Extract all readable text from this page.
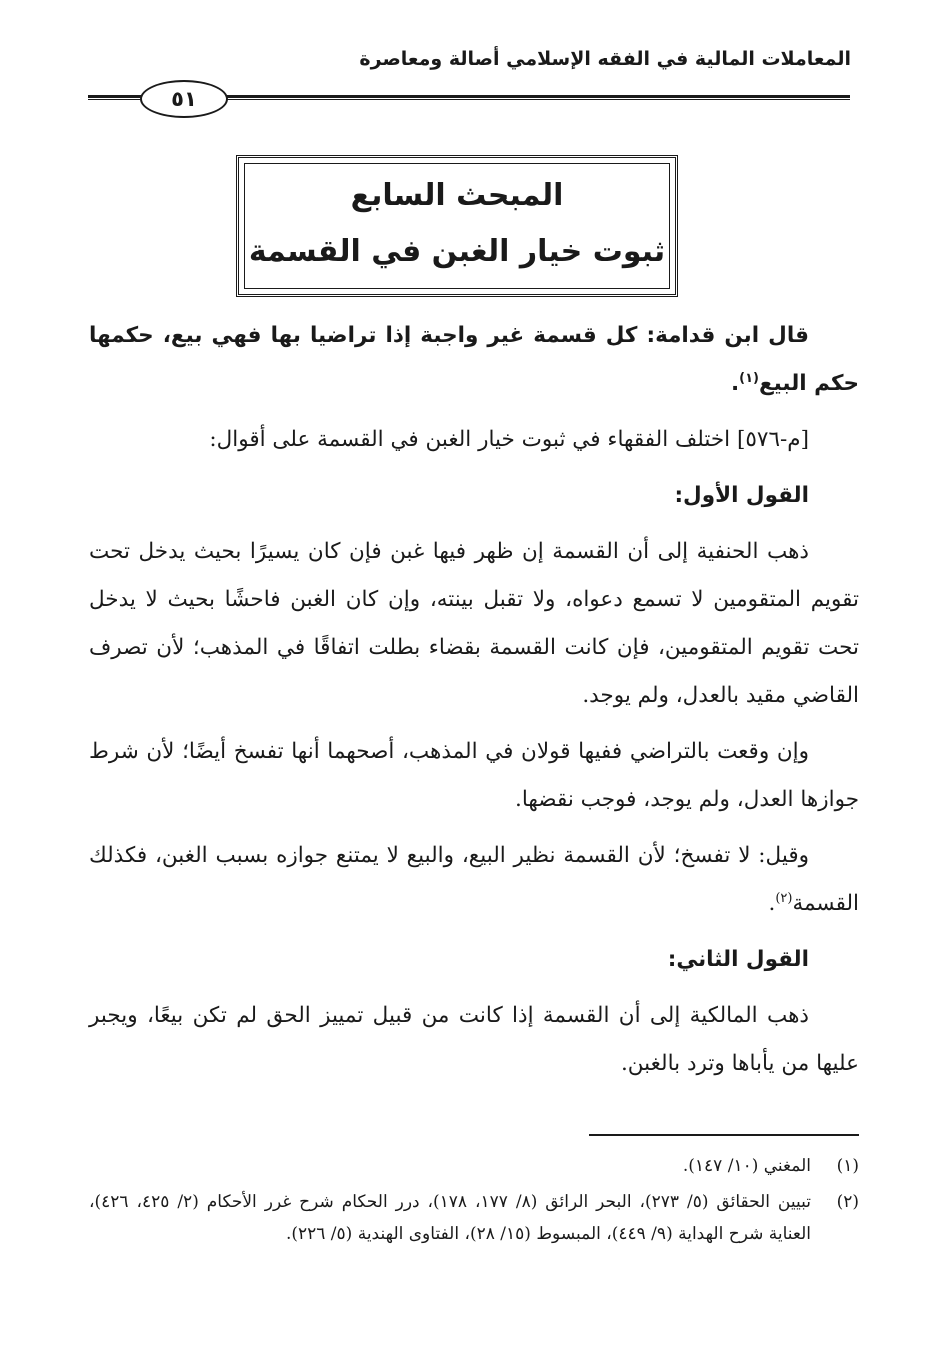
المعاملات المالية في الفقه الإسلامي أصالة ومعاصرة
٥١
المبحث السابع
ثبوت خيار الغبن في القسمة

قال ابن قدامة: كل قسمة غير واجبة إذا تراضيا بها فهي بيع، حكمها حكم البيع$^{(١)}$.

[م-٥٧٦] اختلف الفقهاء في ثبوت خيار الغبن في القسمة على أقوال:

القول الأول:

ذهب الحنفية إلى أن القسمة إن ظهر فيها غبن فإن كان يسيرًا بحيث يدخل تحت تقويم المتقومين لا تسمع دعواه، ولا تقبل بينته، وإن كان الغبن فاحشًا بحيث لا يدخل تحت تقويم المتقومين، فإن كانت القسمة بقضاء بطلت اتفاقًا في المذهب؛ لأن تصرف القاضي مقيد بالعدل، ولم يوجد.

وإن وقعت بالتراضي ففيها قولان في المذهب، أصحهما أنها تفسخ أيضًا؛ لأن شرط جوازها العدل، ولم يوجد، فوجب نقضها.

وقيل: لا تفسخ؛ لأن القسمة نظير البيع، والبيع لا يمتنع جوازه بسبب الغبن، فكذلك القسمة$^{(٢)}$.

القول الثاني:

ذهب المالكية إلى أن القسمة إذا كانت من قبيل تمييز الحق لم تكن بيعًا، ويجبر عليها من يأباها وترد بالغبن.

(١)
المغني (١٠/ ١٤٧).
(٢)
تبيين الحقائق (٥/ ٢٧٣)، البحر الرائق (٨/ ١٧٧، ١٧٨)، درر الحكام شرح غرر الأحكام (٢/ ٤٢٥، ٤٢٦)، العناية شرح الهداية (٩/ ٤٤٩)، المبسوط (١٥/ ٢٨)، الفتاوى الهندية (٥/ ٢٢٦).
